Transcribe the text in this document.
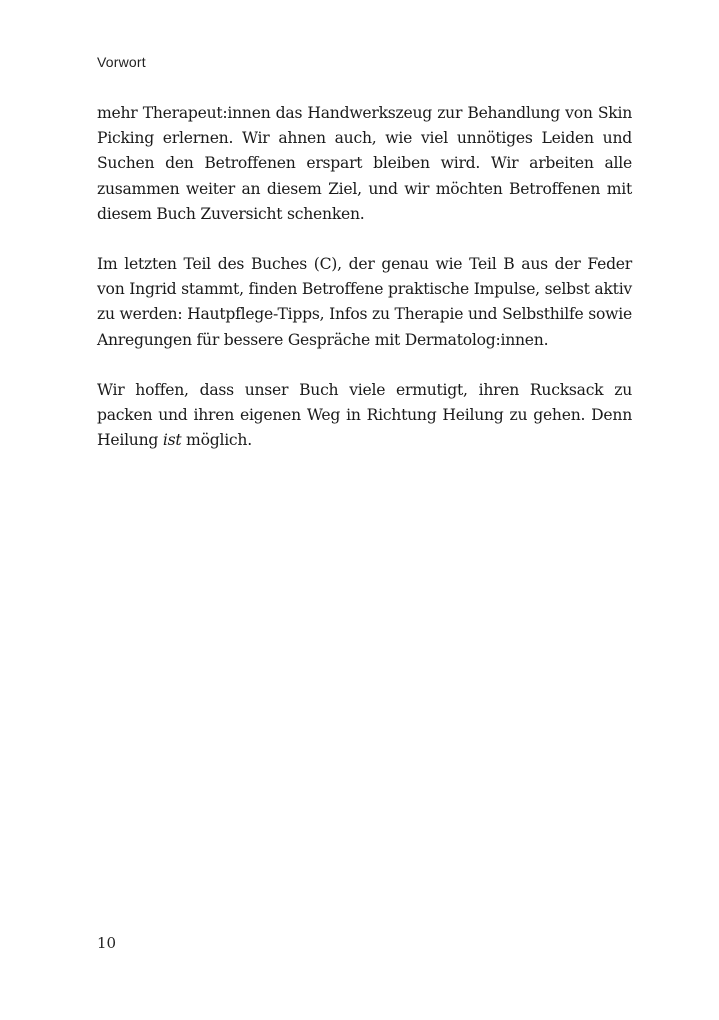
Vorwort

mehr Therapeut:innen das Handwerkszeug zur Behandlung von Skin Picking erlernen. Wir ahnen auch, wie viel unnötiges Leiden und Suchen den Betroffenen erspart bleiben wird. Wir arbeiten alle zusammen weiter an diesem Ziel, und wir möchten Betroffenen mit diesem Buch Zuversicht schenken.

Im letzten Teil des Buches (C), der genau wie Teil B aus der Feder von Ingrid stammt, finden Betroffene praktische Impulse, selbst aktiv zu werden: Hautpflege-Tipps, Infos zu Therapie und Selbsthilfe sowie Anregungen für bessere Gespräche mit Dermatolog:innen.

Wir hoffen, dass unser Buch viele ermutigt, ihren Rucksack zu packen und ihren eigenen Weg in Richtung Heilung zu gehen. Denn Heilung ist möglich.

10
